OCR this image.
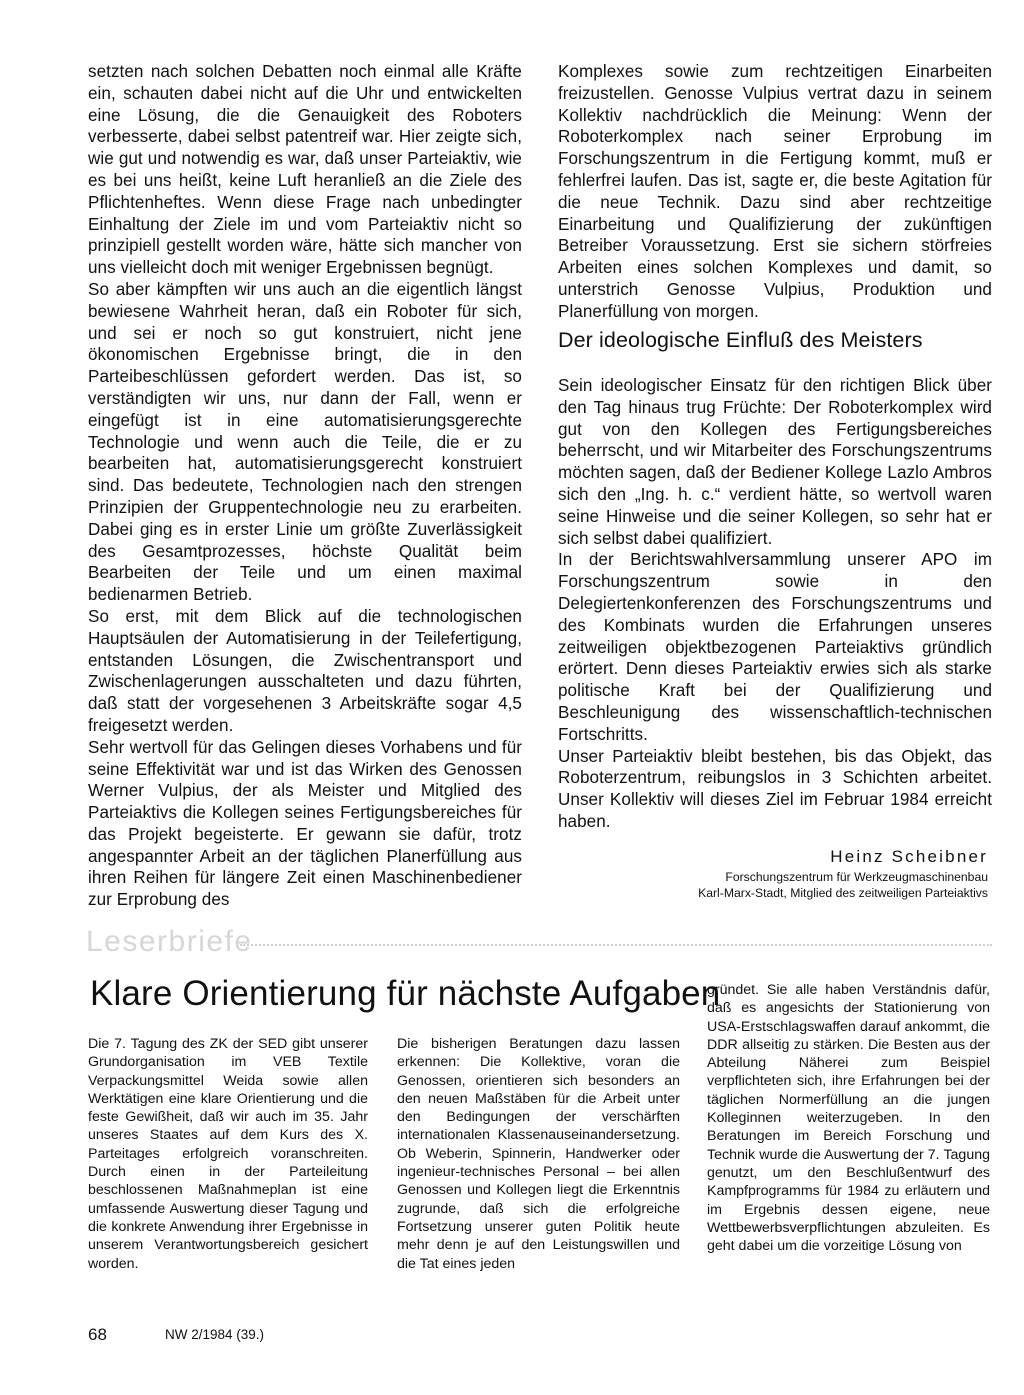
setzten nach solchen Debatten noch einmal alle Kräfte ein, schauten dabei nicht auf die Uhr und entwickelten eine Lösung, die die Genauigkeit des Roboters verbesserte, dabei selbst patentreif war. Hier zeigte sich, wie gut und notwendig es war, daß unser Parteiaktiv, wie es bei uns heißt, keine Luft heranließ an die Ziele des Pflichtenheftes. Wenn diese Frage nach unbedingter Einhaltung der Ziele im und vom Parteiaktiv nicht so prinzipiell gestellt worden wäre, hätte sich mancher von uns vielleicht doch mit weniger Ergebnissen begnügt.

So aber kämpften wir uns auch an die eigentlich längst bewiesene Wahrheit heran, daß ein Roboter für sich, und sei er noch so gut konstruiert, nicht jene ökonomischen Ergebnisse bringt, die in den Parteibeschlüssen gefordert werden. Das ist, so verständigten wir uns, nur dann der Fall, wenn er eingefügt ist in eine automatisierungsgerechte Technologie und wenn auch die Teile, die er zu bearbeiten hat, automatisierungsgerecht konstruiert sind. Das bedeutete, Technologien nach den strengen Prinzipien der Gruppentechnologie neu zu erarbeiten. Dabei ging es in erster Linie um größte Zuverlässigkeit des Gesamtprozesses, höchste Qualität beim Bearbeiten der Teile und um einen maximal bedienarmen Betrieb.

So erst, mit dem Blick auf die technologischen Hauptsäulen der Automatisierung in der Teilefertigung, entstanden Lösungen, die Zwischentransport und Zwischenlagerungen ausschalteten und dazu führten, daß statt der vorgesehenen 3 Arbeitskräfte sogar 4,5 freigesetzt werden.

Sehr wertvoll für das Gelingen dieses Vorhabens und für seine Effektivität war und ist das Wirken des Genossen Werner Vulpius, der als Meister und Mitglied des Parteiaktivs die Kollegen seines Fertigungsbereiches für das Projekt begeisterte. Er gewann sie dafür, trotz angespannter Arbeit an der täglichen Planerfüllung aus ihren Reihen für längere Zeit einen Maschinenbediener zur Erprobung des

Komplexes sowie zum rechtzeitigen Einarbeiten freizustellen. Genosse Vulpius vertrat dazu in seinem Kollektiv nachdrücklich die Meinung: Wenn der Roboterkomplex nach seiner Erprobung im Forschungszentrum in die Fertigung kommt, muß er fehlerfrei laufen. Das ist, sagte er, die beste Agitation für die neue Technik. Dazu sind aber rechtzeitige Einarbeitung und Qualifizierung der zukünftigen Betreiber Voraussetzung. Erst sie sichern störfreies Arbeiten eines solchen Komplexes und damit, so unterstrich Genosse Vulpius, Produktion und Planerfüllung von morgen.

Der ideologische Einfluß des Meisters

Sein ideologischer Einsatz für den richtigen Blick über den Tag hinaus trug Früchte: Der Roboterkomplex wird gut von den Kollegen des Fertigungsbereiches beherrscht, und wir Mitarbeiter des Forschungszentrums möchten sagen, daß der Bediener Kollege Lazlo Ambros sich den „Ing. h. c.“ verdient hätte, so wertvoll waren seine Hinweise und die seiner Kollegen, so sehr hat er sich selbst dabei qualifiziert.

In der Berichtswahlversammlung unserer APO im Forschungszentrum sowie in den Delegiertenkonferenzen des Forschungszentrums und des Kombinats wurden die Erfahrungen unseres zeitweiligen objektbezogenen Parteiaktivs gründlich erörtert. Denn dieses Parteiaktiv erwies sich als starke politische Kraft bei der Qualifizierung und Beschleunigung des wissenschaftlich-technischen Fortschritts.

Unser Parteiaktiv bleibt bestehen, bis das Objekt, das Roboterzentrum, reibungslos in 3 Schichten arbeitet. Unser Kollektiv will dieses Ziel im Februar 1984 erreicht haben.

Heinz Scheibner
Forschungszentrum für Werkzeugmaschinenbau
Karl-Marx-Stadt, Mitglied des zeitweiligen Parteiaktivs
Leserbriefe
Klare Orientierung für nächste Aufgaben

Die 7. Tagung des ZK der SED gibt unserer Grundorganisation im VEB Textile Verpackungsmittel Weida sowie allen Werktätigen eine klare Orientierung und die feste Gewißheit, daß wir auch im 35. Jahr unseres Staates auf dem Kurs des X. Parteitages erfolgreich voranschreiten. Durch einen in der Parteileitung beschlossenen Maßnahmeplan ist eine umfassende Auswertung dieser Tagung und die konkrete Anwendung ihrer Ergebnisse in unserem Verantwortungsbereich gesichert worden.

Die bisherigen Beratungen dazu lassen erkennen: Die Kollektive, voran die Genossen, orientieren sich besonders an den neuen Maßstäben für die Arbeit unter den Bedingungen der verschärften internationalen Klassenauseinandersetzung. Ob Weberin, Spinnerin, Handwerker oder ingenieur-technisches Personal – bei allen Genossen und Kollegen liegt die Erkenntnis zugrunde, daß sich die erfolgreiche Fortsetzung unserer guten Politik heute mehr denn je auf den Leistungswillen und die Tat eines jeden

gründet. Sie alle haben Verständnis dafür, daß es angesichts der Stationierung von USA-Erstschlagswaffen darauf ankommt, die DDR allseitig zu stärken. Die Besten aus der Abteilung Näherei zum Beispiel verpflichteten sich, ihre Erfahrungen bei der täglichen Normerfüllung an die jungen Kolleginnen weiterzugeben. In den Beratungen im Bereich Forschung und Technik wurde die Auswertung der 7. Tagung genutzt, um den Beschlußentwurf des Kampfprogramms für 1984 zu erläutern und im Ergebnis dessen eigene, neue Wettbewerbsverpflichtungen abzuleiten. Es geht dabei um die vorzeitige Lösung von

68	NW 2/1984 (39.)
